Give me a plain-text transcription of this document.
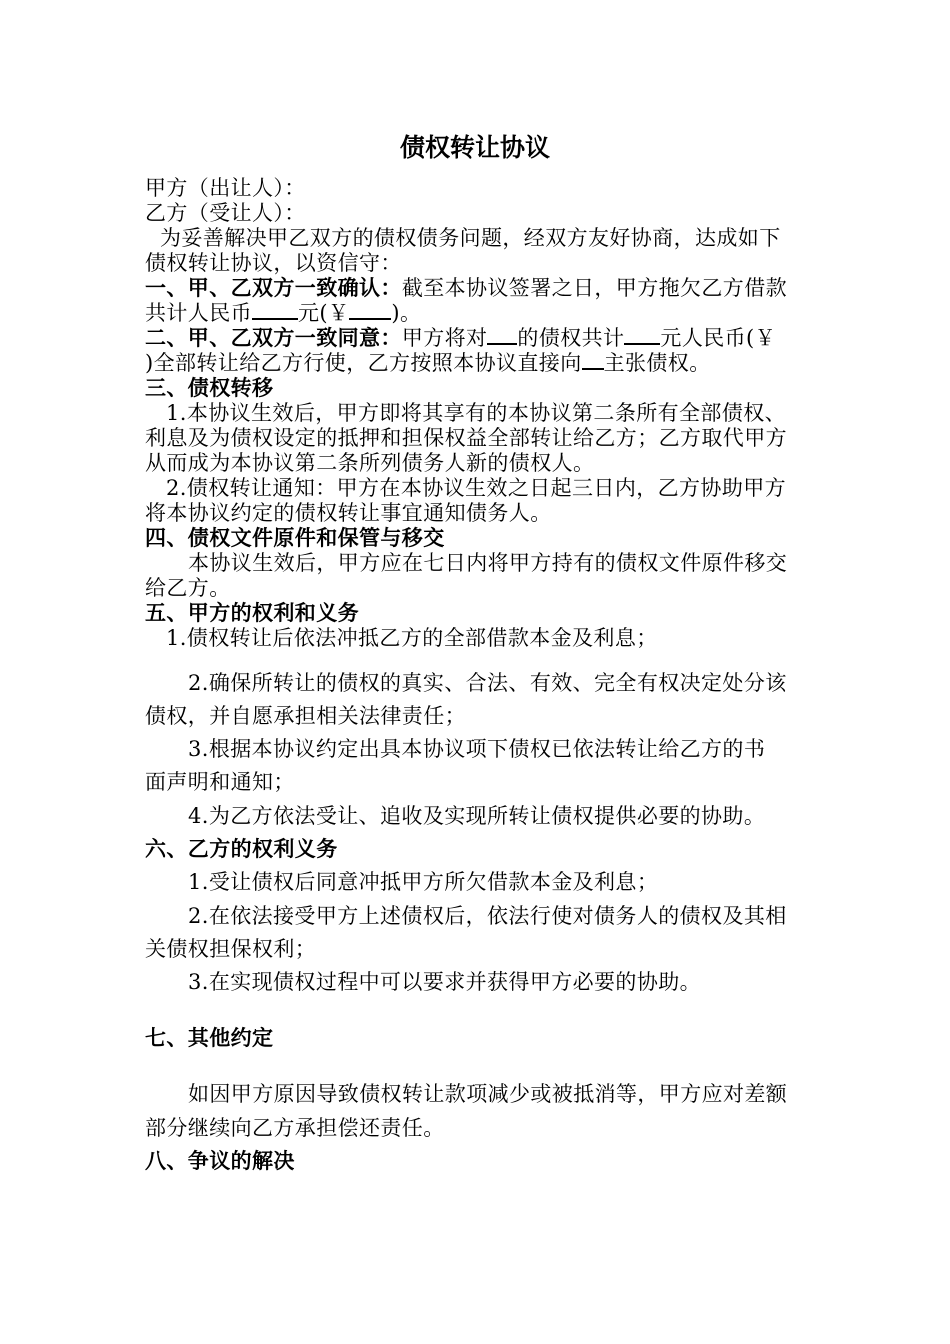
债权转让协议
甲方（出让人）：
乙方（受让人）：
为妥善解决甲乙双方的债权债务问题，经双方友好协商，达成如下
债权转让协议，以资信守：
一、甲、乙双方一致确认：截至本协议签署之日，甲方拖欠乙方借款
共计人民币 元(￥ )。
二、甲、乙双方一致同意：甲方将对 的债权共计 元人民币(￥
)全部转让给乙方行使，乙方按照本协议直接向 主张债权。
三、债权转移
1.本协议生效后，甲方即将其享有的本协议第二条所有全部债权、
利息及为债权设定的抵押和担保权益全部转让给乙方；乙方取代甲方
从而成为本协议第二条所列债务人新的债权人。
2.债权转让通知：甲方在本协议生效之日起三日内，乙方协助甲方
将本协议约定的债权转让事宜通知债务人。
四、债权文件原件和保管与移交
本协议生效后，甲方应在七日内将甲方持有的债权文件原件移交
给乙方。
五、甲方的权利和义务
1.债权转让后依法冲抵乙方的全部借款本金及利息；
2.确保所转让的债权的真实、合法、有效、完全有权决定处分该
债权，并自愿承担相关法律责任；
3.根据本协议约定出具本协议项下债权已依法转让给乙方的书
面声明和通知；
4.为乙方依法受让、追收及实现所转让债权提供必要的协助。
六、乙方的权利义务
1.受让债权后同意冲抵甲方所欠借款本金及利息；
2.在依法接受甲方上述债权后，依法行使对债务人的债权及其相
关债权担保权利；
3.在实现债权过程中可以要求并获得甲方必要的协助。
七、其他约定
如因甲方原因导致债权转让款项减少或被抵消等，甲方应对差额
部分继续向乙方承担偿还责任。
八、争议的解决
